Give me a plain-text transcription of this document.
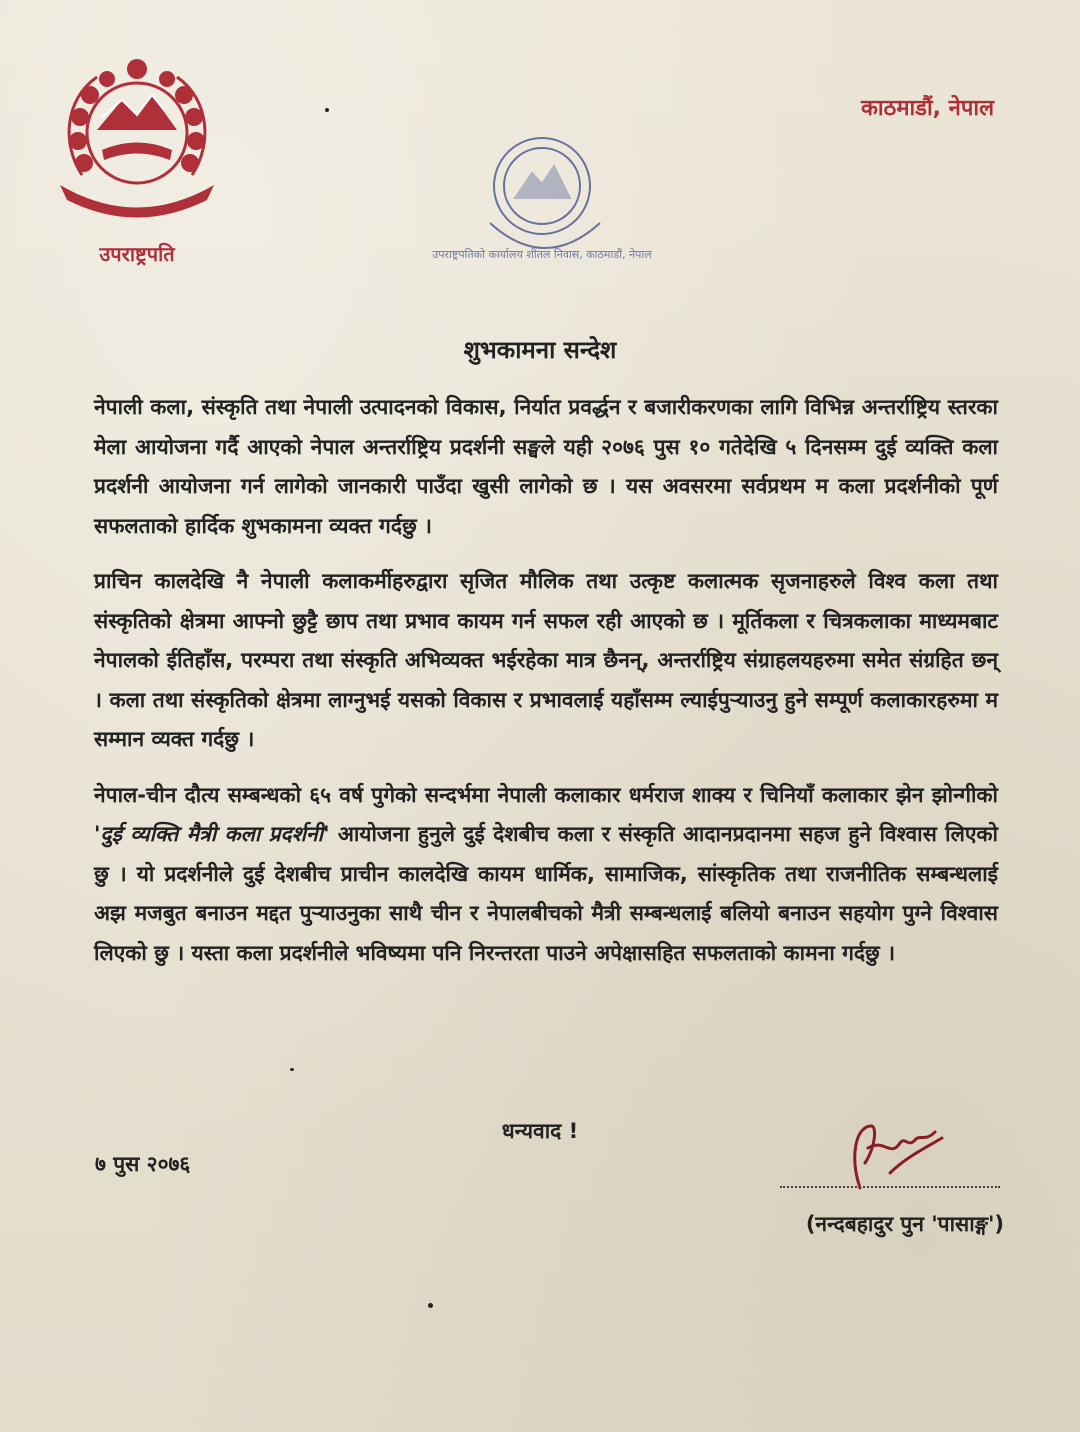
उपराष्ट्रपति
काठमाडौं, नेपाल
उपराष्ट्रपतिको कार्यालय शीतल निवास, काठमाडौं, नेपाल
शुभकामना सन्देश

नेपाली कला, संस्कृति तथा नेपाली उत्पादनको विकास, निर्यात प्रवर्द्धन र बजारीकरणका लागि विभिन्न अन्तर्राष्ट्रिय स्तरका मेला आयोजना गर्दै आएको नेपाल अन्तर्राष्ट्रिय प्रदर्शनी सङ्घले यही २०७६ पुस १० गतेदेखि ५ दिनसम्म दुई व्यक्ति कला प्रदर्शनी आयोजना गर्न लागेको जानकारी पाउँदा खुसी लागेको छ । यस अवसरमा सर्वप्रथम म कला प्रदर्शनीको पूर्ण सफलताको हार्दिक शुभकामना व्यक्त गर्दछु ।

प्राचिन कालदेखि नै नेपाली कलाकर्मीहरुद्वारा सृजित मौलिक तथा उत्कृष्ट कलात्मक सृजनाहरुले विश्व कला तथा संस्कृतिको क्षेत्रमा आफ्नो छुट्टै छाप तथा प्रभाव कायम गर्न सफल रही आएको छ । मूर्तिकला र चित्रकलाका माध्यमबाट नेपालको ईतिहाँस, परम्परा तथा संस्कृति अभिव्यक्त भईरहेका मात्र छैनन्, अन्तर्राष्ट्रिय संग्राहलयहरुमा समेत संग्रहित छन् । कला तथा संस्कृतिको क्षेत्रमा लाग्नुभई यसको विकास र प्रभावलाई यहाँसम्म ल्याईपुऱ्याउनु हुने सम्पूर्ण कलाकारहरुमा म सम्मान व्यक्त गर्दछु ।

नेपाल-चीन दौत्य सम्बन्धको ६५ वर्ष पुगेको सन्दर्भमा नेपाली कलाकार धर्मराज शाक्य र चिनियाँ कलाकार झेन झोन्गीको 'दुई व्यक्ति मैत्री कला प्रदर्शनी' आयोजना हुनुले दुई देशबीच कला र संस्कृति आदानप्रदानमा सहज हुने विश्वास लिएको छु । यो प्रदर्शनीले दुई देशबीच प्राचीन कालदेखि कायम धार्मिक, सामाजिक, सांस्कृतिक तथा राजनीतिक सम्बन्धलाई अझ मजबुत बनाउन मद्दत पुऱ्याउनुका साथै चीन र नेपालबीचको मैत्री सम्बन्धलाई बलियो बनाउन सहयोग पुग्ने विश्वास लिएको छु । यस्ता कला प्रदर्शनीले भविष्यमा पनि निरन्तरता पाउने अपेक्षासहित सफलताको कामना गर्दछु ।

धन्यवाद !
७ पुस २०७६
(नन्दबहादुर पुन 'पासाङ्ग')
